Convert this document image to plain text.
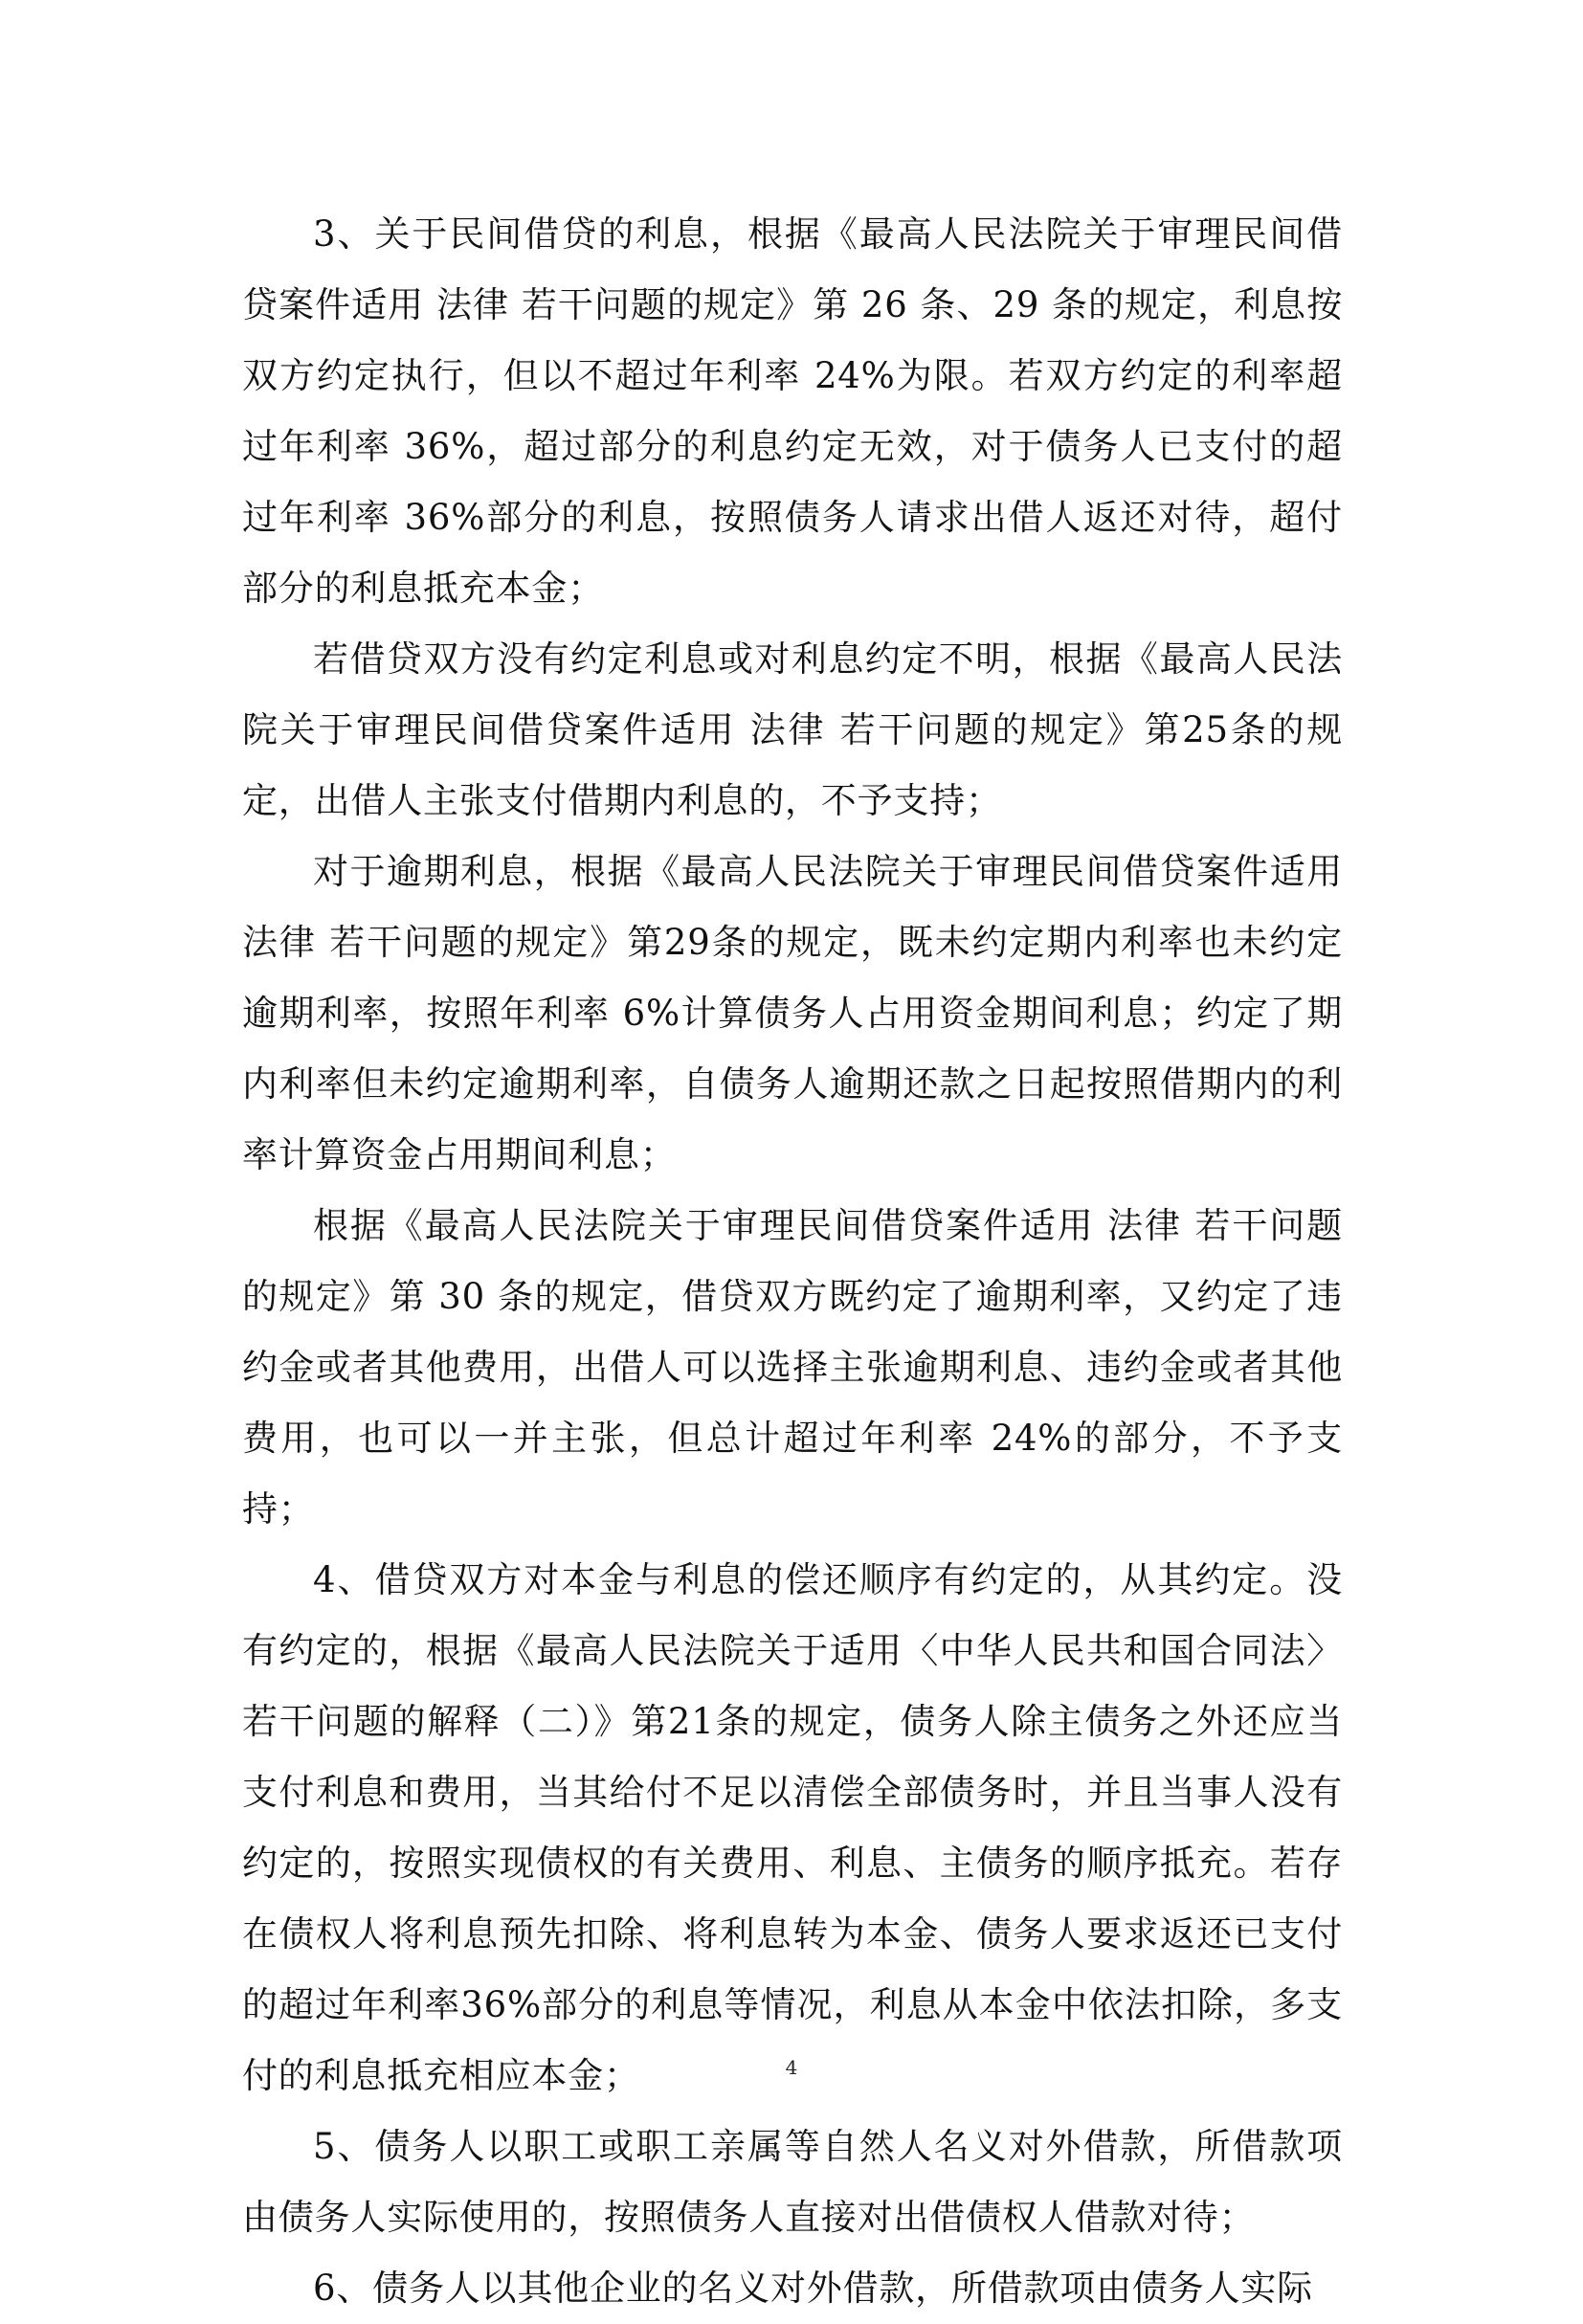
3、关于民间借贷的利息，根据《最高人民法院关于审理民间借贷案件适用 法律 若干问题的规定》第 26 条、29 条的规定，利息按双方约定执行，但以不超过年利率 24%为限。若双方约定的利率超过年利率 36%，超过部分的利息约定无效，对于债务人已支付的超过年利率 36%部分的利息，按照债务人请求出借人返还对待，超付部分的利息抵充本金；

若借贷双方没有约定利息或对利息约定不明，根据《最高人民法院关于审理民间借贷案件适用 法律 若干问题的规定》第25条的规定，出借人主张支付借期内利息的，不予支持；

对于逾期利息，根据《最高人民法院关于审理民间借贷案件适用法律 若干问题的规定》第29条的规定，既未约定期内利率也未约定逾期利率，按照年利率 6%计算债务人占用资金期间利息；约定了期内利率但未约定逾期利率，自债务人逾期还款之日起按照借期内的利率计算资金占用期间利息；

根据《最高人民法院关于审理民间借贷案件适用 法律 若干问题的规定》第 30 条的规定，借贷双方既约定了逾期利率，又约定了违约金或者其他费用，出借人可以选择主张逾期利息、违约金或者其他费用，也可以一并主张，但总计超过年利率 24%的部分，不予支持；

4、借贷双方对本金与利息的偿还顺序有约定的，从其约定。没有约定的，根据《最高人民法院关于适用〈中华人民共和国合同法〉若干问题的解释（二）》第21条的规定，债务人除主债务之外还应当支付利息和费用，当其给付不足以清偿全部债务时，并且当事人没有约定的，按照实现债权的有关费用、利息、主债务的顺序抵充。若存在债权人将利息预先扣除、将利息转为本金、债务人要求返还已支付的超过年利率36%部分的利息等情况，利息从本金中依法扣除，多支付的利息抵充相应本金；

5、债务人以职工或职工亲属等自然人名义对外借款，所借款项由债务人实际使用的，按照债务人直接对出借债权人借款对待；

6、债务人以其他企业的名义对外借款，所借款项由债务人实际

4
